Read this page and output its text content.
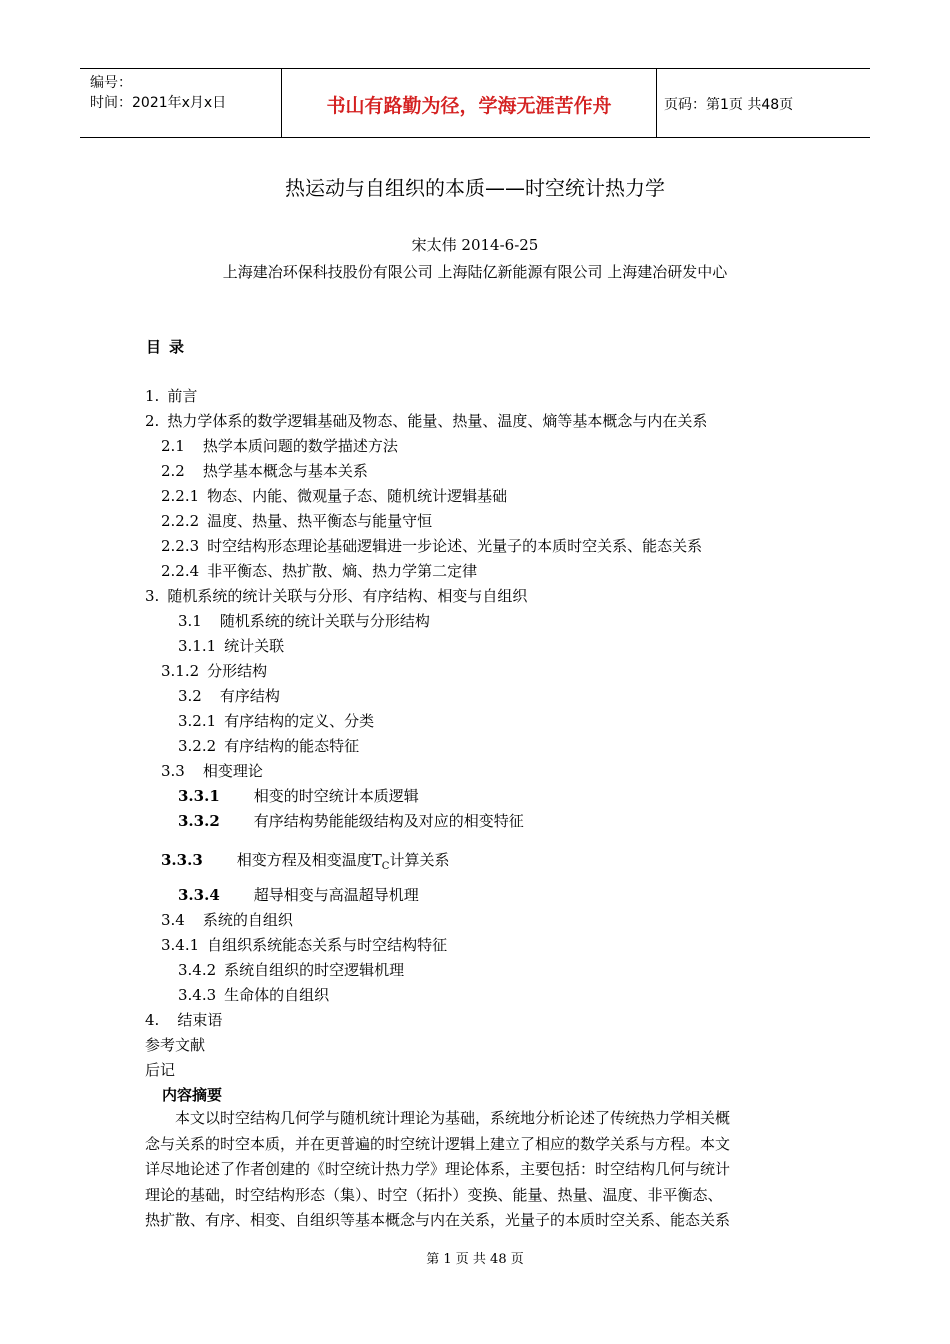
编号：
时间：2021年x月x日	书山有路勤为径，学海无涯苦作舟	页码：第1页 共48页
热运动与自组织的本质——时空统计热力学
宋太伟 2014-6-25
上海建冶环保科技股份有限公司 上海陆亿新能源有限公司 上海建冶研发中心
目录
1. 前言
2. 热力学体系的数学逻辑基础及物态、能量、热量、温度、熵等基本概念与内在关系
2.1 热学本质问题的数学描述方法
2.2 热学基本概念与基本关系
2.2.1 物态、内能、微观量子态、随机统计逻辑基础
2.2.2 温度、热量、热平衡态与能量守恒
2.2.3 时空结构形态理论基础逻辑进一步论述、光量子的本质时空关系、能态关系
2.2.4 非平衡态、热扩散、熵、热力学第二定律
3. 随机系统的统计关联与分形、有序结构、相变与自组织
3.1 随机系统的统计关联与分形结构
3.1.1 统计关联
3.1.2 分形结构
3.2 有序结构
3.2.1 有序结构的定义、分类
3.2.2 有序结构的能态特征
3.3 相变理论
3.3.1 相变的时空统计本质逻辑
3.3.2 有序结构势能能级结构及对应的相变特征
3.3.3 相变方程及相变温度$T_C$计算关系
3.3.4 超导相变与高温超导机理
3.4 系统的自组织
3.4.1 自组织系统能态关系与时空结构特征
3.4.2 系统自组织的时空逻辑机理
3.4.3 生命体的自组织
4. 结束语
参考文献
后记
内容摘要
本文以时空结构几何学与随机统计理论为基础，系统地分析论述了传统热力学相关概
念与关系的时空本质，并在更普遍的时空统计逻辑上建立了相应的数学关系与方程。本文
详尽地论述了作者创建的《时空统计热力学》理论体系，主要包括：时空结构几何与统计
理论的基础，时空结构形态（集）、时空（拓扑）变换、能量、热量、温度、非平衡态、
热扩散、有序、相变、自组织等基本概念与内在关系，光量子的本质时空关系、能态关系
第 1 页 共 48 页
